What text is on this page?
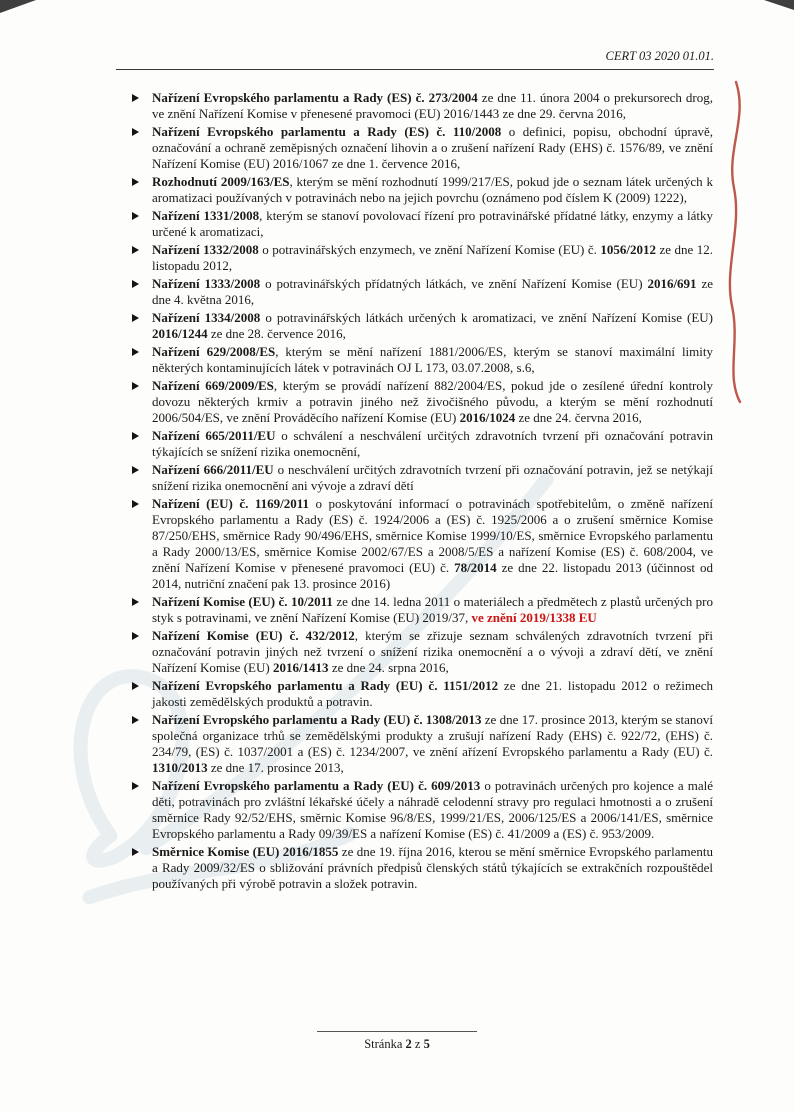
CERT 03 2020 01.01.
Nařízení Evropského parlamentu a Rady (ES) č. 273/2004 ze dne 11. února 2004 o prekursorech drog, ve znění Nařízení Komise v přenesené pravomoci (EU) 2016/1443 ze dne 29. června 2016,
Nařízení Evropského parlamentu a Rady (ES) č. 110/2008 o definici, popisu, obchodní úpravě, označování a ochraně zeměpisných označení lihovin a o zrušení nařízení Rady (EHS) č. 1576/89, ve znění Nařízení Komise (EU) 2016/1067 ze dne 1. července 2016,
Rozhodnutí 2009/163/ES, kterým se mění rozhodnutí 1999/217/ES, pokud jde o seznam látek určených k aromatizaci používaných v potravinách nebo na jejich povrchu (oznámeno pod číslem K (2009) 1222),
Nařízení 1331/2008, kterým se stanoví povolovací řízení pro potravinářské přídatné látky, enzymy a látky určené k aromatizaci,
Nařízení 1332/2008 o potravinářských enzymech, ve znění Nařízení Komise (EU) č. 1056/2012 ze dne 12. listopadu 2012,
Nařízení 1333/2008 o potravinářských přídatných látkách, ve znění Nařízení Komise (EU) 2016/691 ze dne 4. května 2016,
Nařízení 1334/2008 o potravinářských látkách určených k aromatizaci, ve znění Nařízení Komise (EU) 2016/1244 ze dne 28. července 2016,
Nařízení 629/2008/ES, kterým se mění nařízení 1881/2006/ES, kterým se stanoví maximální limity některých kontaminujících látek v potravinách OJ L 173, 03.07.2008, s.6,
Nařízení 669/2009/ES, kterým se provádí nařízení 882/2004/ES, pokud jde o zesílené úřední kontroly dovozu některých krmiv a potravin jiného než živočišného původu, a kterým se mění rozhodnutí 2006/504/ES, ve znění Prováděcího nařízení Komise (EU) 2016/1024 ze dne 24. června 2016,
Nařízení 665/2011/EU o schválení a neschválení určitých zdravotních tvrzení při označování potravin týkajících se snížení rizika onemocnění,
Nařízení 666/2011/EU o neschválení určitých zdravotních tvrzení při označování potravin, jež se netýkají snížení rizika onemocnění ani vývoje a zdraví dětí
Nařízení (EU) č. 1169/2011 o poskytování informací o potravinách spotřebitelům, o změně nařízení Evropského parlamentu a Rady (ES) č. 1924/2006 a (ES) č. 1925/2006 a o zrušení směrnice Komise 87/250/EHS, směrnice Rady 90/496/EHS, směrnice Komise 1999/10/ES, směrnice Evropského parlamentu a Rady 2000/13/ES, směrnice Komise 2002/67/ES a 2008/5/ES a nařízení Komise (ES) č. 608/2004, ve znění Nařízení Komise v přenesené pravomoci (EU) č. 78/2014 ze dne 22. listopadu 2013 (účinnost od 2014, nutriční značení pak 13. prosince 2016)
Nařízení Komise (EU) č. 10/2011 ze dne 14. ledna 2011 o materiálech a předmětech z plastů určených pro styk s potravinami, ve znění Nařízení Komise (EU) 2019/37, ve znění 2019/1338 EU
Nařízení Komise (EU) č. 432/2012, kterým se zřizuje seznam schválených zdravotních tvrzení při označování potravin jiných než tvrzení o snížení rizika onemocnění a o vývoji a zdraví dětí, ve znění Nařízení Komise (EU) 2016/1413 ze dne 24. srpna 2016,
Nařízení Evropského parlamentu a Rady (EU) č. 1151/2012 ze dne 21. listopadu 2012 o režimech jakosti zemědělských produktů a potravin.
Nařízení Evropského parlamentu a Rady (EU) č. 1308/2013 ze dne 17. prosince 2013, kterým se stanoví společná organizace trhů se zemědělskými produkty a zrušují nařízení Rady (EHS) č. 922/72, (EHS) č. 234/79, (ES) č. 1037/2001 a (ES) č. 1234/2007, ve znění ařízení Evropského parlamentu a Rady (EU) č. 1310/2013 ze dne 17. prosince 2013,
Nařízení Evropského parlamentu a Rady (EU) č. 609/2013 o potravinách určených pro kojence a malé děti, potravinách pro zvláštní lékařské účely a náhradě celodenní stravy pro regulaci hmotnosti a o zrušení směrnice Rady 92/52/EHS, směrnic Komise 96/8/ES, 1999/21/ES, 2006/125/ES a 2006/141/ES, směrnice Evropského parlamentu a Rady 09/39/ES a nařízení Komise (ES) č. 41/2009 a (ES) č. 953/2009.
Směrnice Komise (EU) 2016/1855 ze dne 19. října 2016, kterou se mění směrnice Evropského parlamentu a Rady 2009/32/ES o sbližování právních předpisů členských států týkajících se extrakčních rozpouštědel používaných při výrobě potravin a složek potravin.
Stránka 2 z 5
